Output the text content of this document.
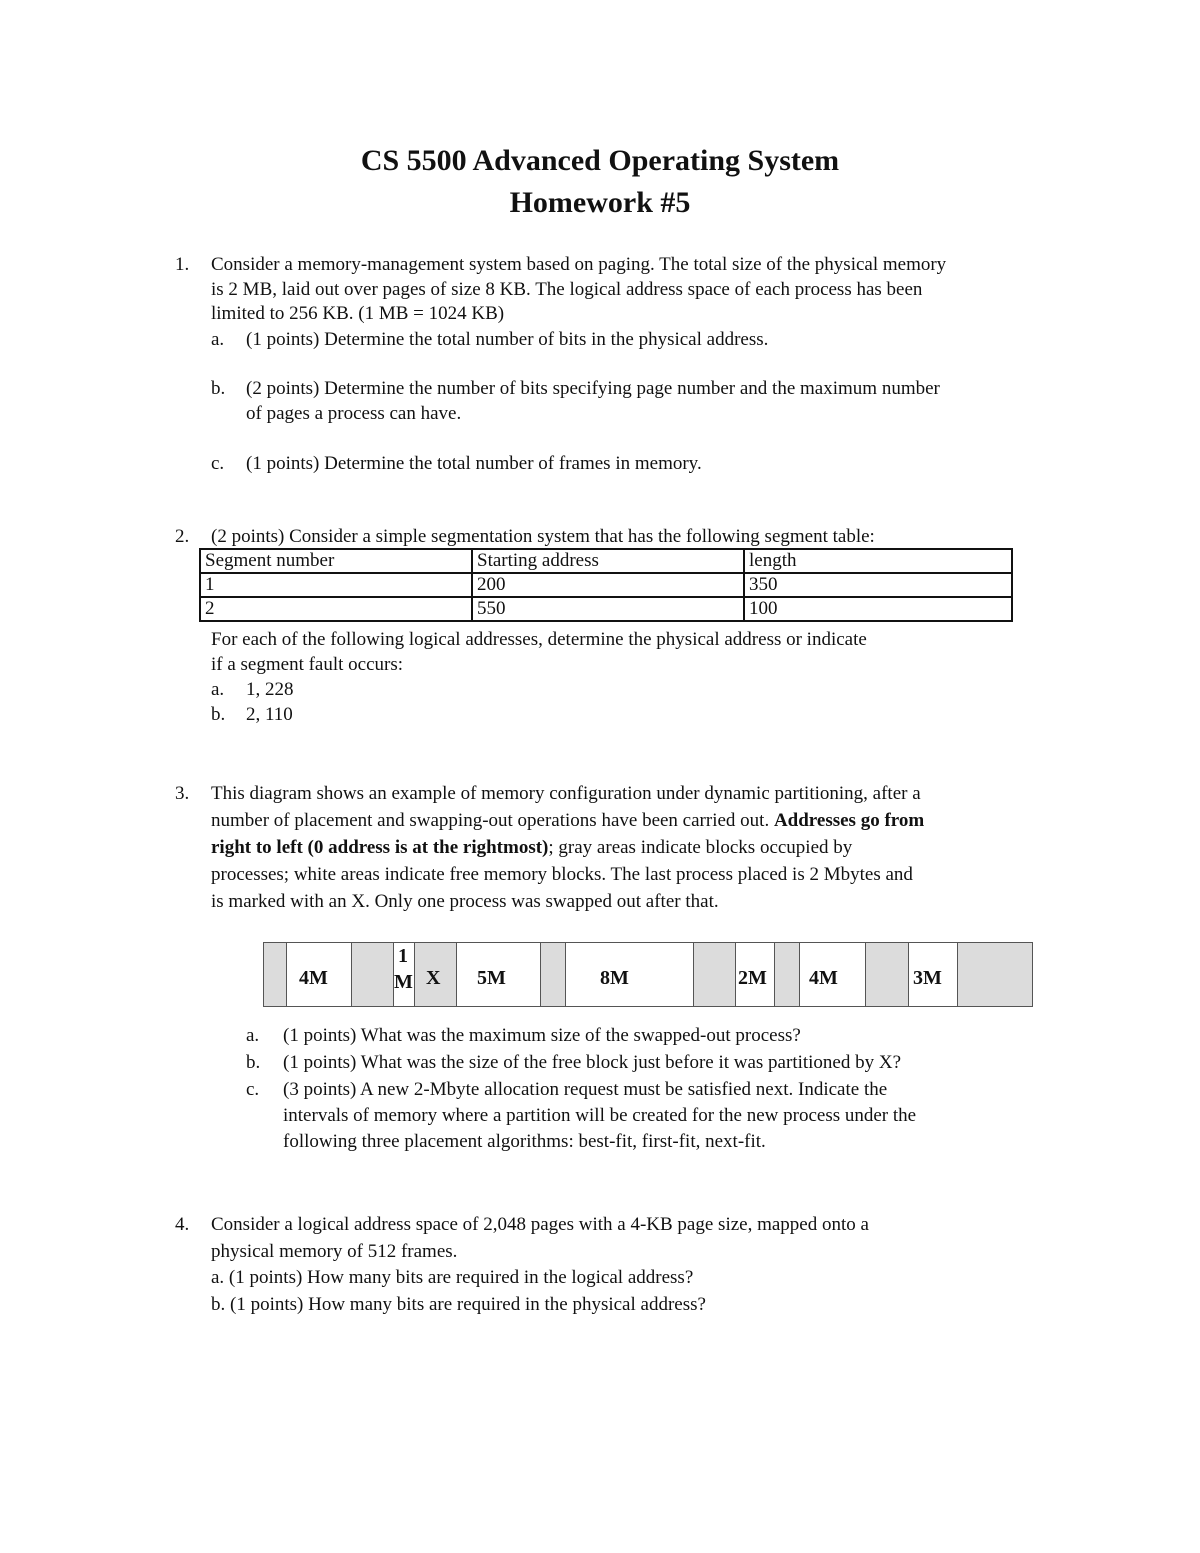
CS 5500 Advanced Operating System
Homework #5
1. Consider a memory-management system based on paging. The total size of the physical memory
is 2 MB, laid out over pages of size 8 KB. The logical address space of each process has been
limited to 256 KB. (1 MB = 1024 KB)
a. (1 points) Determine the total number of bits in the physical address.
b. (2 points) Determine the number of bits specifying page number and the maximum number
of pages a process can have.
c. (1 points) Determine the total number of frames in memory.
2. (2 points) Consider a simple segmentation system that has the following segment table:
Segment number	Starting address	length
1	200	350
2	550	100
For each of the following logical addresses, determine the physical address or indicate
if a segment fault occurs:
a. 1, 228
b. 2, 110
3. This diagram shows an example of memory configuration under dynamic partitioning, after a
number of placement and swapping-out operations have been carried out. Addresses go from
right to left (0 address is at the rightmost); gray areas indicate blocks occupied by
processes; white areas indicate free memory blocks. The last process placed is 2 Mbytes and
is marked with an X. Only one process was swapped out after that.
4M
1
M X 5M	8M	2M 4M	3M
a. (1 points) What was the maximum size of the swapped-out process?
b. (1 points) What was the size of the free block just before it was partitioned by X?
c. (3 points) A new 2-Mbyte allocation request must be satisfied next. Indicate the
intervals of memory where a partition will be created for the new process under the
following three placement algorithms: best-fit, first-fit, next-fit.
4. Consider a logical address space of 2,048 pages with a 4-KB page size, mapped onto a
physical memory of 512 frames.
a. (1 points) How many bits are required in the logical address?
b. (1 points) How many bits are required in the physical address?
